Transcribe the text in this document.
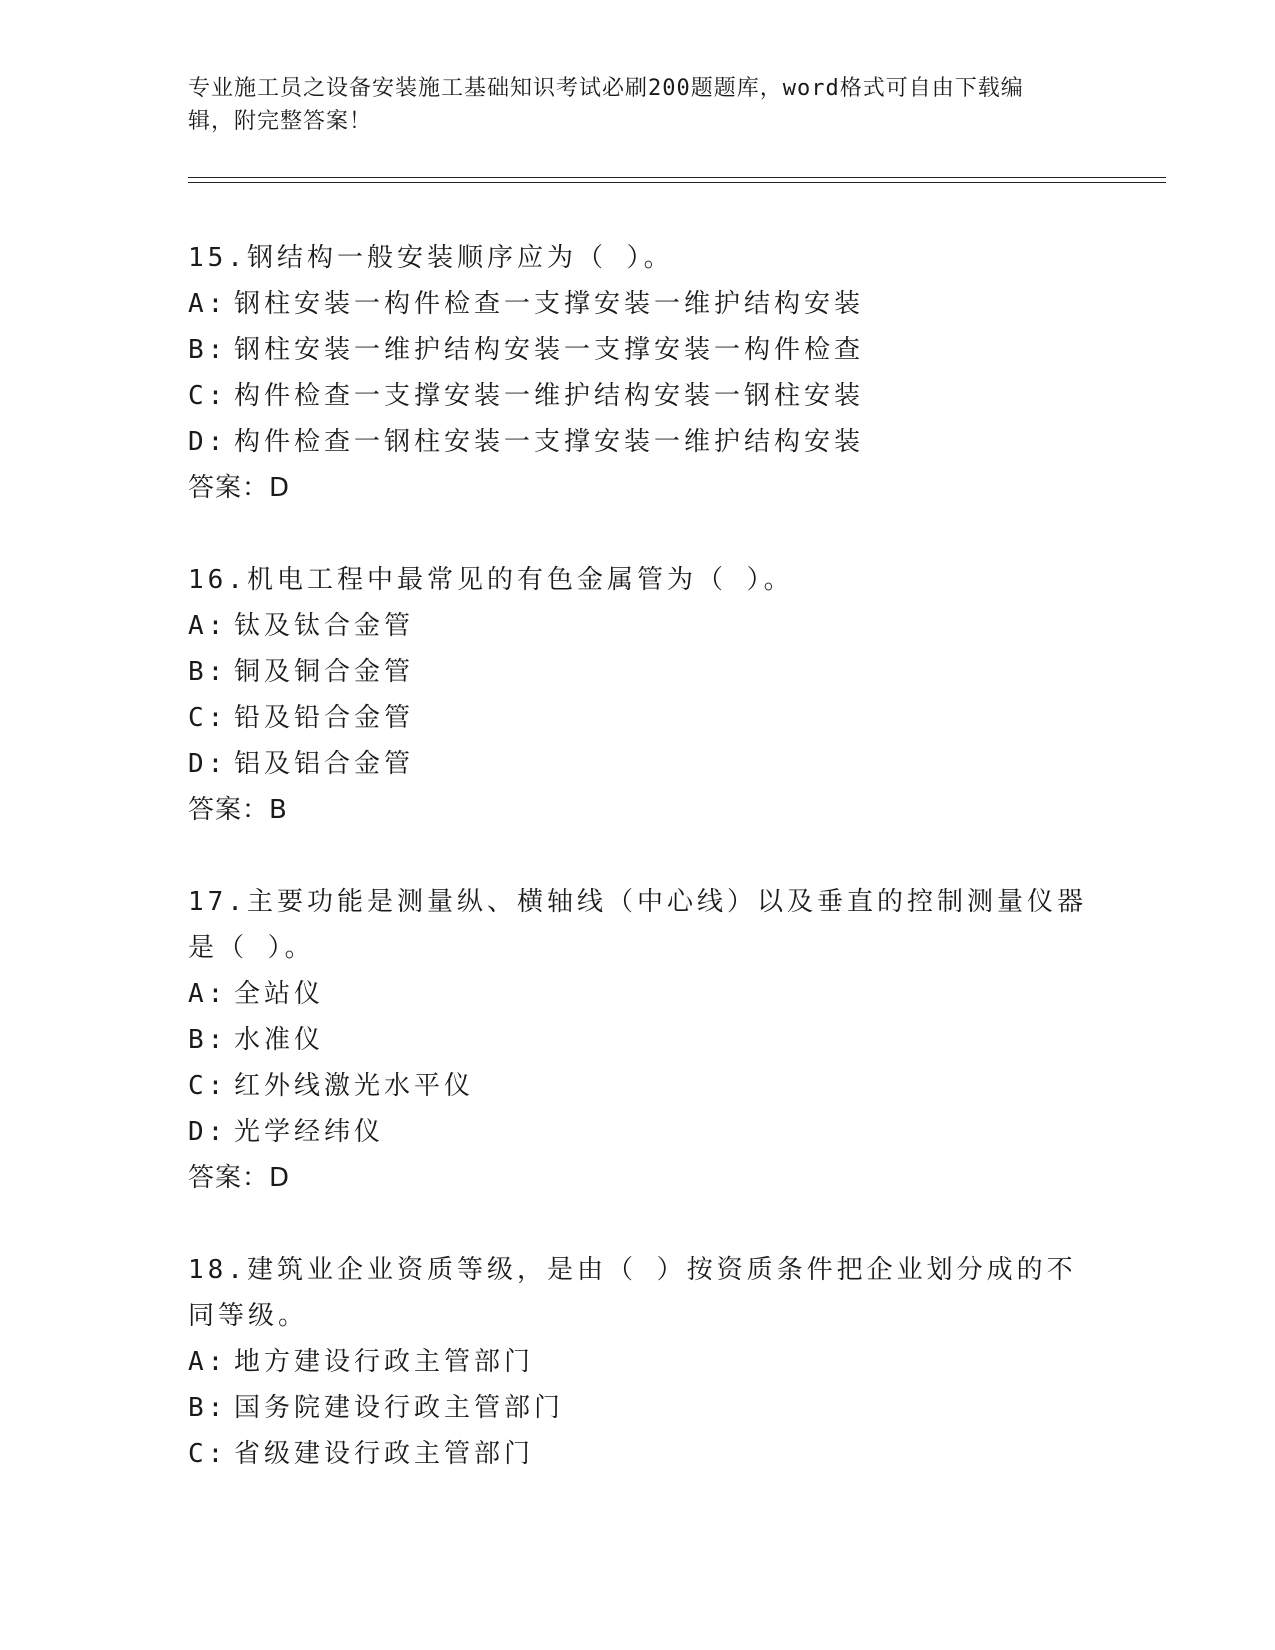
专业施工员之设备安装施工基础知识考试必刷200题题库，word格式可自由下载编辑，附完整答案！

15.钢结构一般安装顺序应为（ ）。

A: 钢柱安装一构件检查一支撑安装一维护结构安装

B: 钢柱安装一维护结构安装一支撑安装一构件检查

C: 构件检查一支撑安装一维护结构安装一钢柱安装

D: 构件检查一钢柱安装一支撑安装一维护结构安装

答案：D

16.机电工程中最常见的有色金属管为（ ）。

A: 钛及钛合金管

B: 铜及铜合金管

C: 铅及铅合金管

D: 铝及铝合金管

答案：B

17.主要功能是测量纵、横轴线（中心线）以及垂直的控制测量仪器是（ ）。

A: 全站仪

B: 水准仪

C: 红外线激光水平仪

D: 光学经纬仪

答案：D

18.建筑业企业资质等级，是由（ ）按资质条件把企业划分成的不同等级。

A: 地方建设行政主管部门

B: 国务院建设行政主管部门

C: 省级建设行政主管部门
